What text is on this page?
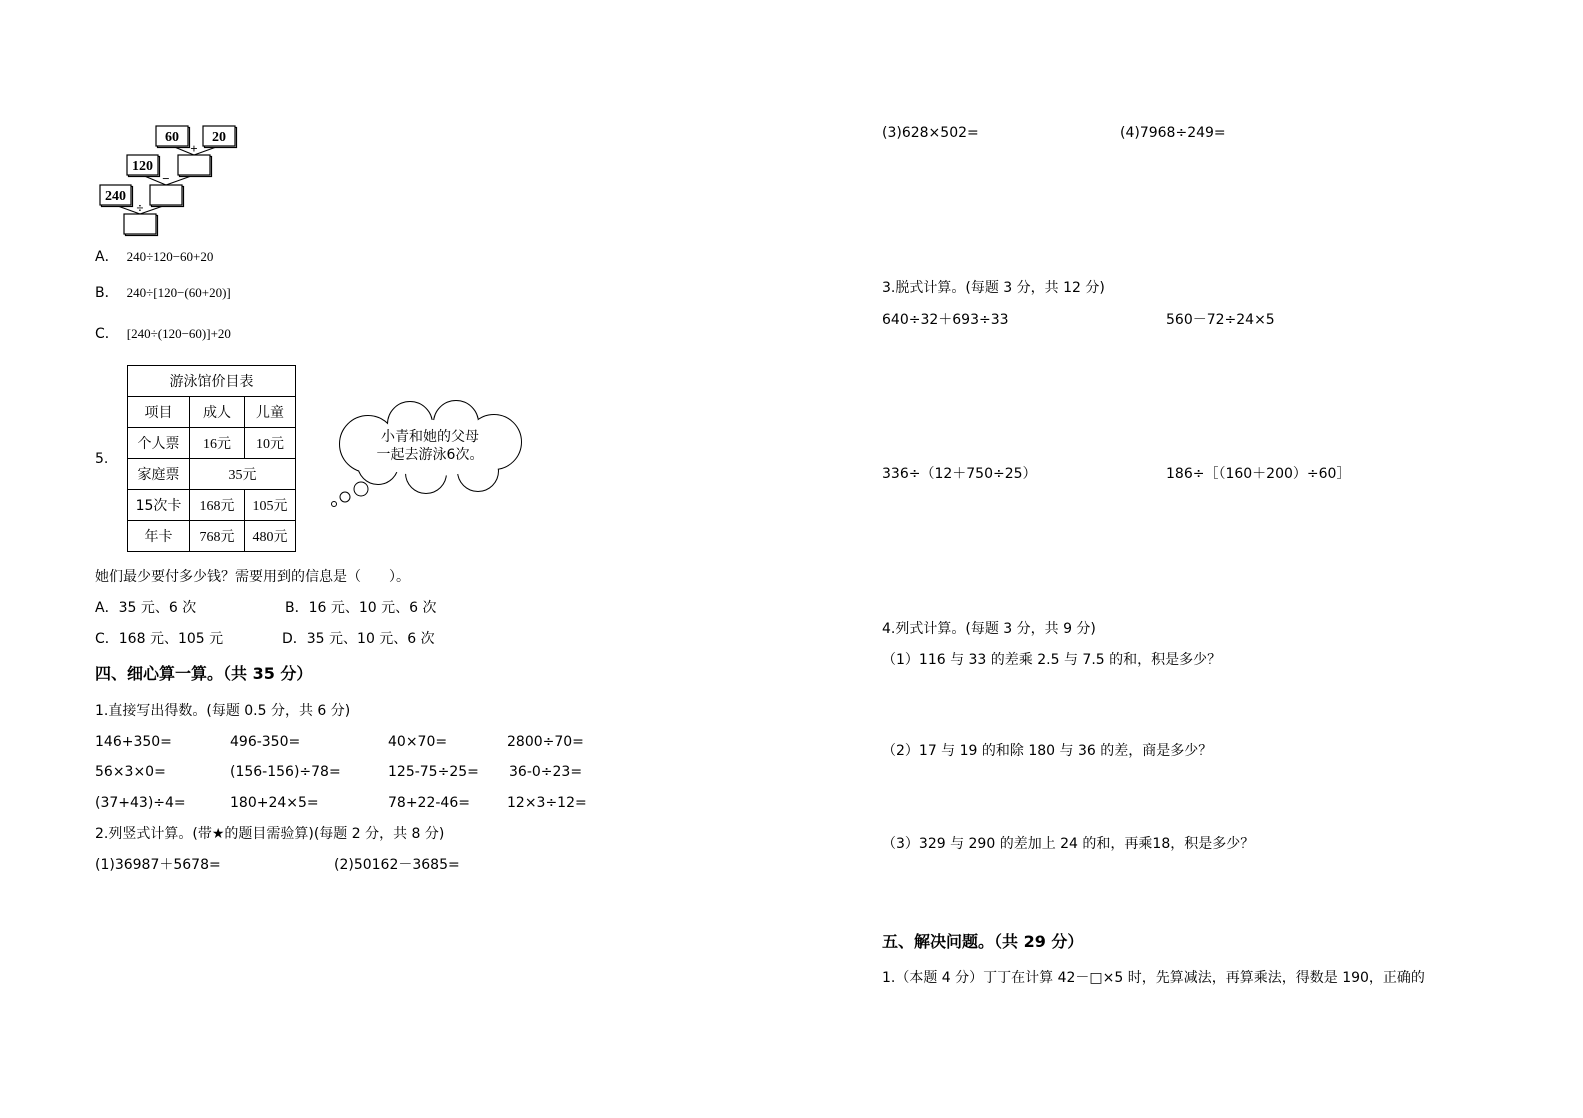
60 20
120
240
+
−
÷
A． 240÷120−60+20
B． 240÷[120−(60+20)]
C． [240÷(120−60)]+20
5.
游泳馆价目表		
项目	成人	儿童
个人票	16元	10元
家庭票	35元	
15次卡	168元	105元
年卡	768元	480元
小青和她的父母
一起去游泳6次。
她们最少要付多少钱？需要用到的信息是（　　）。
A．35 元、6 次	B．16 元、10 元、6 次
C．168 元、105 元	D．35 元、10 元、6 次
四、细心算一算。（共 35 分）
1.直接写出得数。(每题 0.5 分，共 6 分)
146+350=	496-350=	40×70=	2800÷70=
56×3×0=	(156-156)÷78=	125-75÷25= 36-0÷23=
(37+43)÷4=	180+24×5=	78+22-46=	12×3÷12=
2.列竖式计算。(带★的题目需验算)(每题 2 分，共 8 分)
(1)36987＋5678=	(2)50162－3685=
(3)628×502=	(4)7968÷249=
3.脱式计算。(每题 3 分，共 12 分)
640÷32＋693÷33	560－72÷24×5
336÷（12＋750÷25）	186÷［（160＋200）÷60］
4.列式计算。(每题 3 分，共 9 分)
（1）116 与 33 的差乘 2.5 与 7.5 的和，积是多少？
（2）17 与 19 的和除 180 与 36 的差，商是多少？
（3）329 与 290 的差加上 24 的和，再乘18，积是多少？
五、解决问题。（共 29 分）
1.（本题 4 分）丁丁在计算 42－□×5 时，先算减法，再算乘法，得数是 190，正确的
